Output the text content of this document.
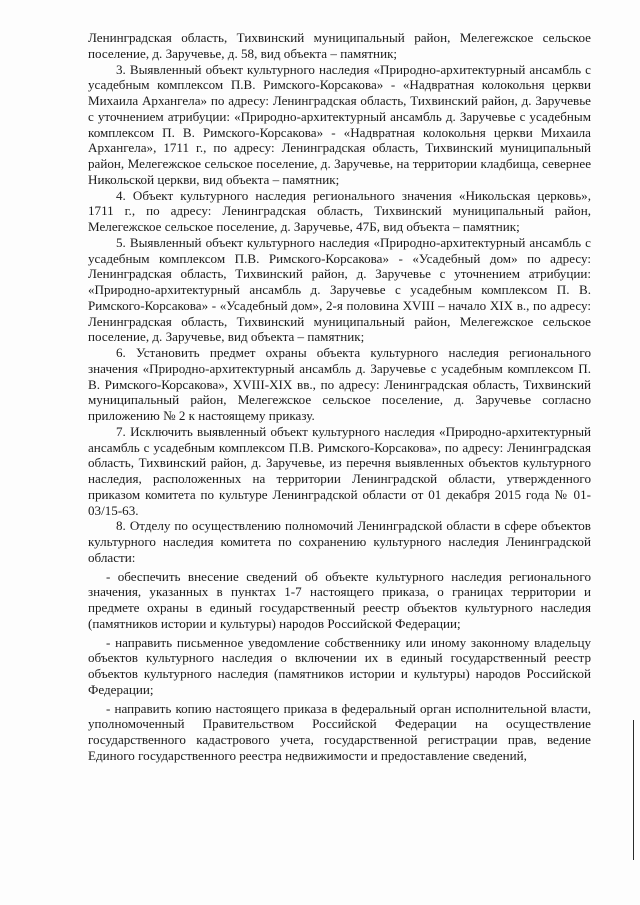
Ленинградская область, Тихвинский муниципальный район, Мелегежское сельское поселение, д. Заручевье, д. 58, вид объекта – памятник;

3. Выявленный объект культурного наследия «Природно-архитектурный ансамбль с усадебным комплексом П.В. Римского-Корсакова» - «Надвратная колокольня церкви Михаила Архангела» по адресу: Ленинградская область, Тихвинский район, д. Заручевье с уточнением атрибуции: «Природно-архитектурный ансамбль д. Заручевье с усадебным комплексом П. В. Римского-Корсакова» - «Надвратная колокольня церкви Михаила Архангела», 1711 г., по адресу: Ленинградская область, Тихвинский муниципальный район, Мелегежское сельское поселение, д. Заручевье, на территории кладбища, севернее Никольской церкви, вид объекта – памятник;

4. Объект культурного наследия регионального значения «Никольская церковь», 1711 г., по адресу: Ленинградская область, Тихвинский муниципальный район, Мелегежское сельское поселение, д. Заручевье, 47Б, вид объекта – памятник;

5. Выявленный объект культурного наследия «Природно-архитектурный ансамбль с усадебным комплексом П.В. Римского-Корсакова» - «Усадебный дом» по адресу: Ленинградская область, Тихвинский район, д. Заручевье с уточнением атрибуции: «Природно-архитектурный ансамбль д. Заручевье с усадебным комплексом П. В. Римского-Корсакова» - «Усадебный дом», 2-я половина XVIII – начало XIX в., по адресу: Ленинградская область, Тихвинский муниципальный район, Мелегежское сельское поселение, д. Заручевье, вид объекта – памятник;

6. Установить предмет охраны объекта культурного наследия регионального значения «Природно-архитектурный ансамбль д. Заручевье с усадебным комплексом П. В. Римского-Корсакова», XVIII-XIX вв., по адресу: Ленинградская область, Тихвинский муниципальный район, Мелегежское сельское поселение, д. Заручевье согласно приложению № 2 к настоящему приказу.

7. Исключить выявленный объект культурного наследия «Природно-архитектурный ансамбль с усадебным комплексом П.В. Римского-Корсакова», по адресу: Ленинградская область, Тихвинский район, д. Заручевье, из перечня выявленных объектов культурного наследия, расположенных на территории Ленинградской области, утвержденного приказом комитета по культуре Ленинградской области от 01 декабря 2015 года № 01-03/15-63.

8. Отделу по осуществлению полномочий Ленинградской области в сфере объектов культурного наследия комитета по сохранению культурного наследия Ленинградской области:

- обеспечить внесение сведений об объекте культурного наследия регионального значения, указанных в пунктах 1-7 настоящего приказа, о границах территории и предмете охраны в единый государственный реестр объектов культурного наследия (памятников истории и культуры) народов Российской Федерации;

- направить письменное уведомление собственнику или иному законному владельцу объектов культурного наследия о включении их в единый государственный реестр объектов культурного наследия (памятников истории и культуры) народов Российской Федерации;

- направить копию настоящего приказа в федеральный орган исполнительной власти, уполномоченный Правительством Российской Федерации на осуществление государственного кадастрового учета, государственной регистрации прав, ведение Единого государственного реестра недвижимости и предоставление сведений,
